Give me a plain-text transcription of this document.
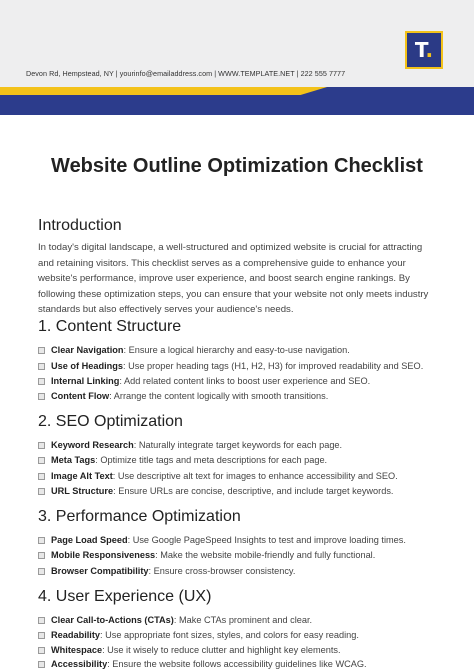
T.
Devon Rd, Hempstead, NY | yourinfo@emailaddress.com | WWW.TEMPLATE.NET | 222 555 7777
Website Outline Optimization Checklist
Introduction
In today's digital landscape, a well-structured and optimized website is crucial for attracting and retaining visitors. This checklist serves as a comprehensive guide to enhance your website's performance, improve user experience, and boost search engine rankings. By following these optimization steps, you can ensure that your website not only meets industry standards but also effectively serves your audience's needs.
1. Content Structure
Clear Navigation : Ensure a logical hierarchy and easy-to-use navigation.
Use of Headings : Use proper heading tags (H1, H2, H3) for improved readability and SEO.
Internal Linking : Add related content links to boost user experience and SEO.
Content Flow : Arrange the content logically with smooth transitions.
2. SEO Optimization
Keyword Research : Naturally integrate target keywords for each page.
Meta Tags : Optimize title tags and meta descriptions for each page.
Image Alt Text : Use descriptive alt text for images to enhance accessibility and SEO.
URL Structure : Ensure URLs are concise, descriptive, and include target keywords.
3. Performance Optimization
Page Load Speed : Use Google PageSpeed Insights to test and improve loading times.
Mobile Responsiveness : Make the website mobile-friendly and fully functional.
Browser Compatibility : Ensure cross-browser consistency.
4. User Experience (UX)
Clear Call-to-Actions (CTAs) : Make CTAs prominent and clear.
Readability : Use appropriate font sizes, styles, and colors for easy reading.
Whitespace : Use it wisely to reduce clutter and highlight key elements.
Accessibility : Ensure the website follows accessibility guidelines like WCAG.
